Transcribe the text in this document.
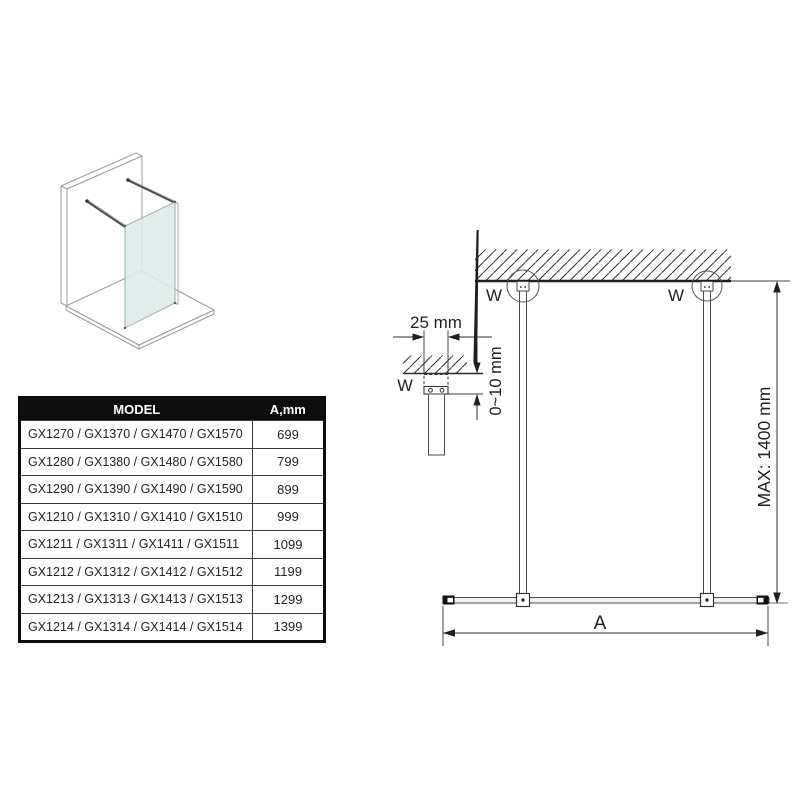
W	W
MAX: 1400 mm
A
25 mm
W	0~10 mm
MODEL	A,mm
GX1270 / GX1370 / GX1470 / GX1570	699
GX1280 / GX1380 / GX1480 / GX1580	799
GX1290 / GX1390 / GX1490 / GX1590	899
GX1210 / GX1310 / GX1410 / GX1510	999
GX1211 / GX1311 / GX1411 / GX1511	1099
GX1212 / GX1312 / GX1412 / GX1512	1199
GX1213 / GX1313 / GX1413 / GX1513	1299
GX1214 / GX1314 / GX1414 / GX1514	1399
